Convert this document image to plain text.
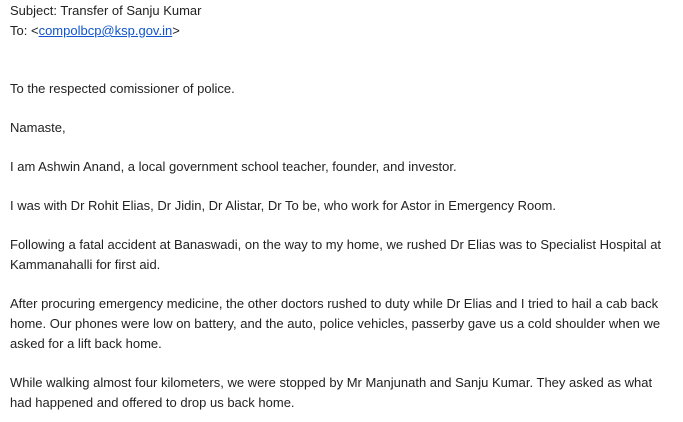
Subject: Transfer of Sanju Kumar
To: <compolbcp@ksp.gov.in>

To the respected comissioner of police.

Namaste,

I am Ashwin Anand, a local government school teacher, founder, and investor.

I was with Dr Rohit Elias, Dr Jidin, Dr Alistar, Dr To be, who work for Astor in Emergency Room.

Following a fatal accident at Banaswadi, on the way to my home, we rushed Dr Elias was to Specialist Hospital at Kammanahalli for first aid.

After procuring emergency medicine, the other doctors rushed to duty while Dr Elias and I tried to hail a cab back home. Our phones were low on battery, and the auto, police vehicles, passerby gave us a cold shoulder when we asked for a lift back home.

While walking almost four kilometers, we were stopped by Mr Manjunath and Sanju Kumar. They asked as what had happened and offered to drop us back home.
